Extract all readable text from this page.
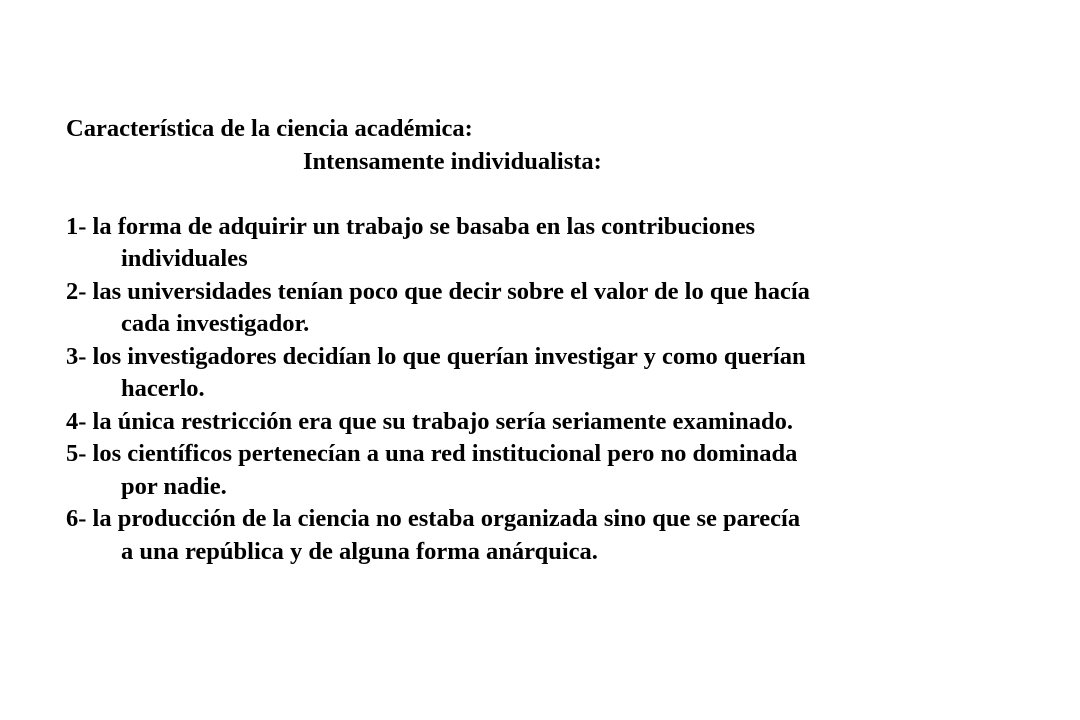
Característica de la ciencia académica:
Intensamente individualista:
1- la forma de adquirir un trabajo se basaba en las contribuciones
individuales
2- las universidades tenían poco que decir sobre el valor de lo que hacía
cada investigador.
3- los investigadores decidían lo que querían investigar y como querían
hacerlo.
4- la única restricción era que su trabajo sería seriamente examinado.
5- los científicos pertenecían a una red institucional pero no dominada
por nadie.
6- la producción de la ciencia no estaba organizada sino que se parecía
a una república y de alguna forma anárquica.
